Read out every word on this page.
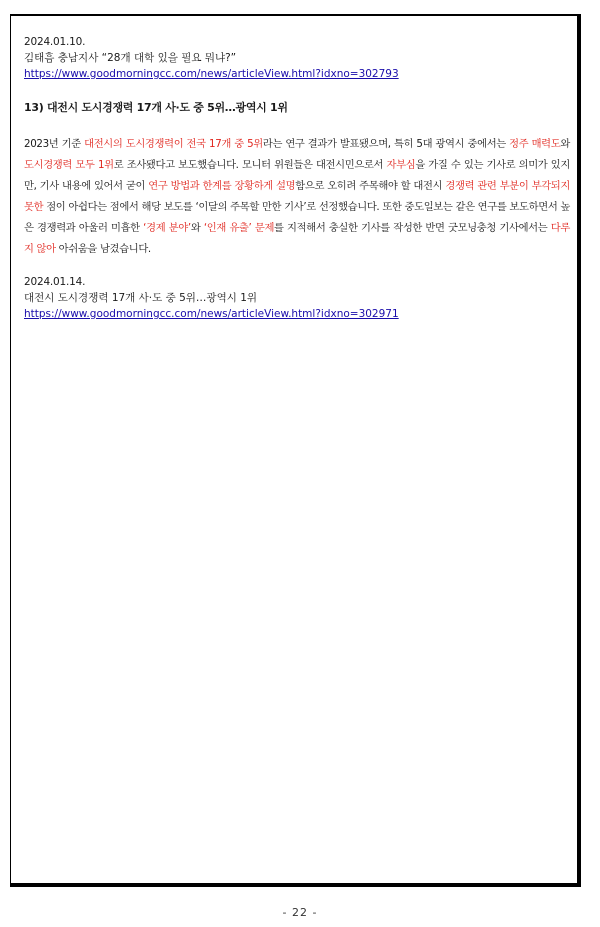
2024.01.10.
김태흠 충남지사 “28개 대학 있을 필요 뭐냐?”
https://www.goodmorningcc.com/news/articleView.html?idxno=302793
13) 대전시 도시경쟁력 17개 사·도 중 5위…광역시 1위
2023년 기준 대전시의 도시경쟁력이 전국 17개 중 5위라는 연구 결과가 발표됐으며, 특히 5대 광역시 중에서는 정주 매력도와 도시경쟁력 모두 1위로 조사됐다고 보도했습니다. 모니터 위원들은 대전시민으로서 자부심을 가질 수 있는 기사로 의미가 있지만, 기사 내용에 있어서 굳이 연구 방법과 한계를 장황하게 설명함으로 오히려 주목해야 할 대전시 경쟁력 관련 부분이 부각되지 못한 점이 아쉽다는 점에서 해당 보도를 ‘이달의 주목할 만한 기사’로 선정했습니다. 또한 중도일보는 같은 연구를 보도하면서 높은 경쟁력과 아울러 미흡한 ‘경제 분야’와 ‘인재 유출’ 문제를 지적해서 충실한 기사를 작성한 반면 굿모닝충청 기사에서는 다루지 않아 아쉬움을 남겼습니다.
2024.01.14.
대전시 도시경쟁력 17개 사·도 중 5위…광역시 1위
https://www.goodmorningcc.com/news/articleView.html?idxno=302971
- 22 -
